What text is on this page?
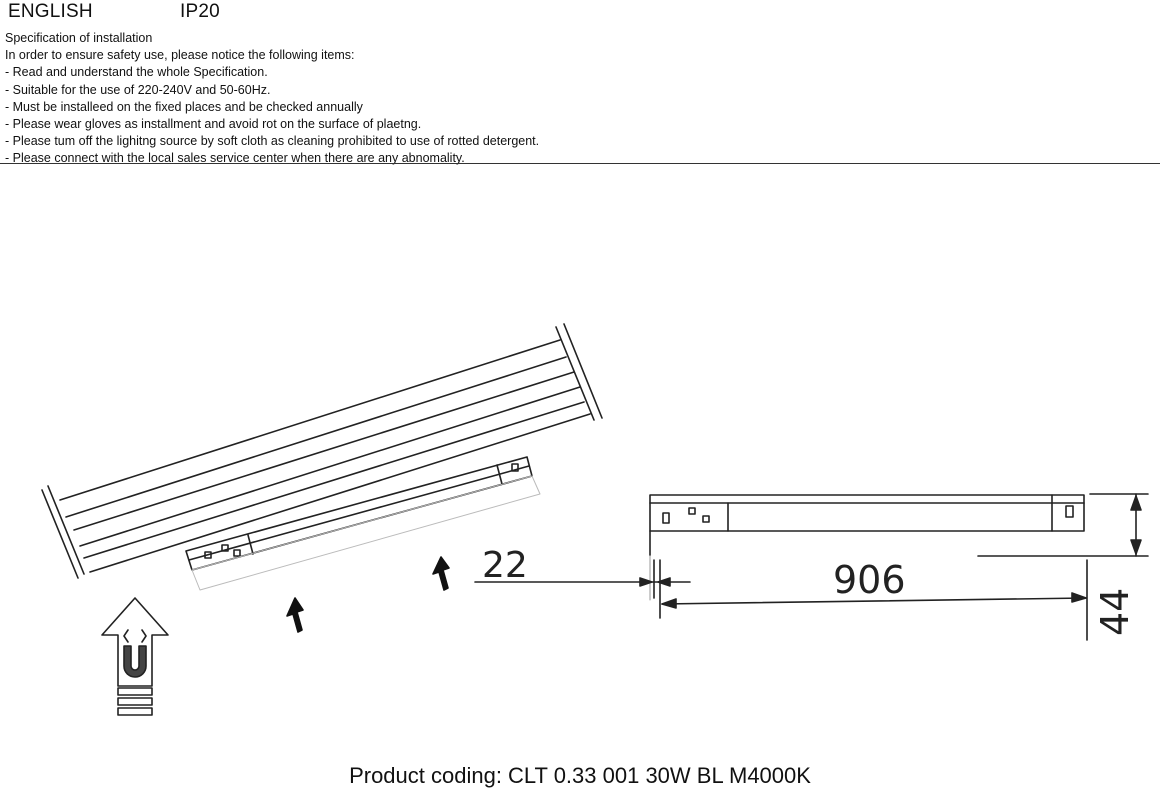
ENGLISH	IP20
Specification of installation
In order to ensure safety use, please notice the following items:
- Read and understand the whole Specification.
- Suitable for the use of 220-240V and 50-60Hz.
- Must be installeed on the fixed places and be checked annually
- Please wear gloves as installment and avoid rot on the surface of plaetng.
- Please tum off the lighitng source by soft cloth as cleaning prohibited to use of rotted detergent.
- Please connect with the local sales service center when there are any abnomality.
22	906
44
Product coding: CLT 0.33 001 30W BL M4000K
